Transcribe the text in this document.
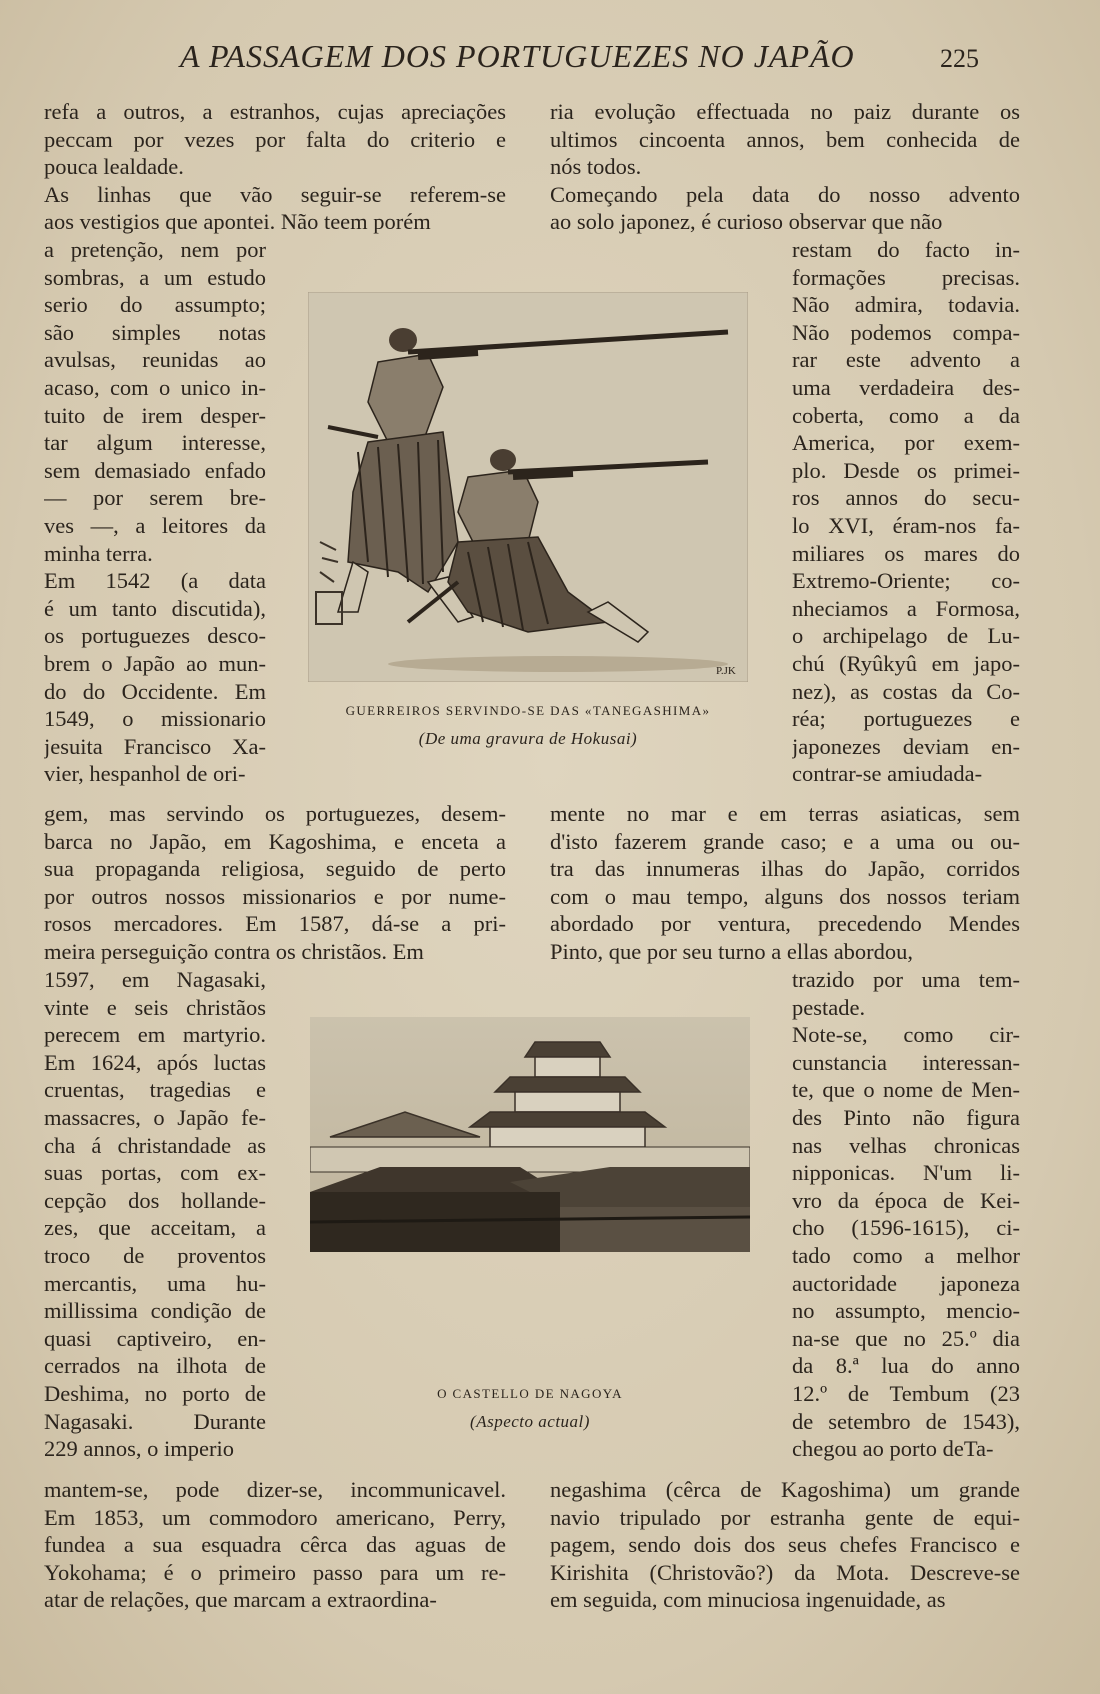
A PASSAGEM DOS PORTUGUEZES NO JAPÃO	225
refa a outros, a estranhos, cujas apreciações
peccam por vezes por falta do criterio e
pouca lealdade.
As linhas que vão seguir-se referem-se
aos vestigios que apontei. Não teem porém
a pretenção, nem por
sombras, a um estudo
serio do assumpto;
são simples notas
avulsas, reunidas ao
acaso, com o unico in-
tuito de irem desper-
tar algum interesse,
sem demasiado enfado
— por serem bre-
ves —, a leitores da
minha terra.
Em 1542 (a data
é um tanto discutida),
os portuguezes desco-
brem o Japão ao mun-
do do Occidente. Em
1549, o missionario
jesuita Francisco Xa-
vier, hespanhol de ori-
gem, mas servindo os portuguezes, desem-
barca no Japão, em Kagoshima, e enceta a
sua propaganda religiosa, seguido de perto
por outros nossos missionarios e por nume-
rosos mercadores. Em 1587, dá-se a pri-
meira perseguição contra os christãos. Em
1597, em Nagasaki,
vinte e seis christãos
perecem em martyrio.
Em 1624, após luctas
cruentas, tragedias e
massacres, o Japão fe-
cha á christandade as
suas portas, com ex-
cepção dos hollande-
zes, que acceitam, a
troco de proventos
mercantis, uma hu-
millissima condição de
quasi captiveiro, en-
cerrados na ilhota de
Deshima, no porto de
Nagasaki. Durante
229 annos, o imperio
mantem-se, pode dizer-se, incommunicavel.
Em 1853, um commodoro americano, Perry,
fundea a sua esquadra cêrca das aguas de
Yokohama; é o primeiro passo para um re-
atar de relações, que marcam a extraordina-
ria evolução effectuada no paiz durante os
ultimos cincoenta annos, bem conhecida de
nós todos.
Começando pela data do nosso advento
ao solo japonez, é curioso observar que não
restam do facto in-
formações precisas.
Não admira, todavia.
Não podemos compa-
rar este advento a
uma verdadeira des-
coberta, como a da
America, por exem-
plo. Desde os primei-
ros annos do secu-
lo XVI, éram-nos fa-
miliares os mares do
Extremo-Oriente; co-
nheciamos a Formosa,
o archipelago de Lu-
chú (Ryûkyû em japo-
nez), as costas da Co-
réa; portuguezes e
japonezes deviam en-
contrar-se amiudada-
mente no mar e em terras asiaticas, sem
d'isto fazerem grande caso; e a uma ou ou-
tra das innumeras ilhas do Japão, corridos
com o mau tempo, alguns dos nossos teriam
abordado por ventura, precedendo Mendes
Pinto, que por seu turno a ellas abordou,
trazido por uma tem-
pestade.
Note-se, como cir-
cunstancia interessan-
te, que o nome de Men-
des Pinto não figura
nas velhas chronicas
nipponicas. N'um li-
vro da época de Kei-
cho (1596-1615), ci-
tado como a melhor
auctoridade japoneza
no assumpto, mencio-
na-se que no 25.º dia
da 8.ª lua do anno
12.º de Tembum (23
de setembro de 1543),
chegou ao porto deTa-
negashima (cêrca de Kagoshima) um grande
navio tripulado por estranha gente de equi-
pagem, sendo dois dos seus chefes Francisco e
Kirishita (Christovão?) da Mota. Descreve-se
em seguida, com minuciosa ingenuidade, as
P.JK
GUERREIROS SERVINDO-SE DAS «TANEGASHIMA»
(De uma gravura de Hokusai)
O CASTELLO DE NAGOYA
(Aspecto actual)
